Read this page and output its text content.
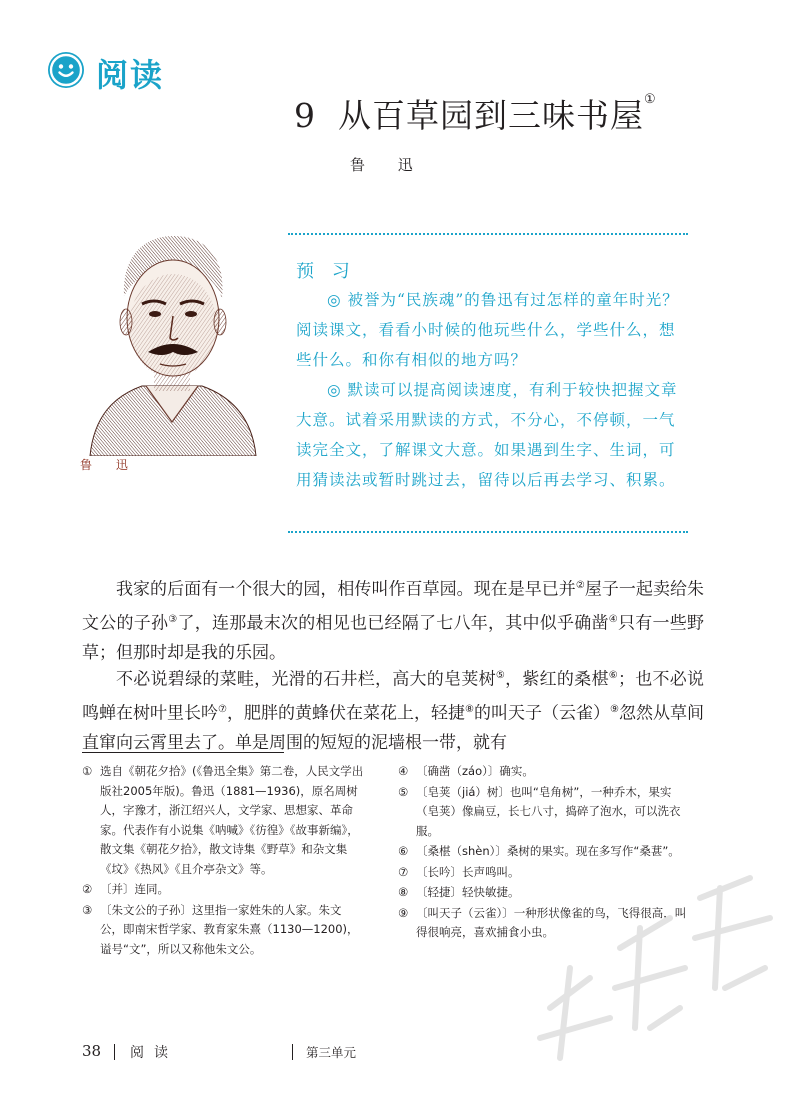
阅读
9 从百草园到三味书屋①
鲁 迅
鲁 迅
预 习
◎ 被誉为“民族魂”的鲁迅有过怎样的童年时光？阅读课文，看看小时候的他玩些什么，学些什么，想些什么。和你有相似的地方吗？
◎ 默读可以提高阅读速度，有利于较快把握文章大意。试着采用默读的方式，不分心，不停顿，一气读完全文，了解课文大意。如果遇到生字、生词，可用猜读法或暂时跳过去，留待以后再去学习、积累。
我家的后面有一个很大的园，相传叫作百草园。现在是早已并②屋子一起卖给朱文公的子孙③了，连那最末次的相见也已经隔了七八年，其中似乎确凿④只有一些野草；但那时却是我的乐园。
不必说碧绿的菜畦，光滑的石井栏，高大的皂荚树⑤，紫红的桑椹⑥；也不必说鸣蝉在树叶里长吟⑦，肥胖的黄蜂伏在菜花上，轻捷⑧的叫天子（云雀）⑨忽然从草间直窜向云霄里去了。单是周围的短短的泥墙根一带，就有
① 选自《朝花夕拾》(《鲁迅全集》第二卷，人民文学出版社2005年版)。鲁迅（1881—1936)，原名周树人，字豫才，浙江绍兴人，文学家、思想家、革命家。代表作有小说集《呐喊》《彷徨》《故事新编》，散文集《朝花夕拾》，散文诗集《野草》和杂文集《坟》《热风》《且介亭杂文》等。
② 〔并〕连同。
③ 〔朱文公的子孙〕这里指一家姓朱的人家。朱文公，即南宋哲学家、教育家朱熹（1130—1200)，谥号“文”，所以又称他朱文公。
④ 〔确凿（záo）〕确实。
⑤ 〔皂荚（jiá）树〕也叫“皂角树”，一种乔木，果实（皂荚）像扁豆，长七八寸，捣碎了泡水，可以洗衣服。
⑥ 〔桑椹（shèn）〕桑树的果实。现在多写作“桑葚”。
⑦ 〔长吟〕长声鸣叫。
⑧ 〔轻捷〕轻快敏捷。
⑨ 〔叫天子（云雀）〕一种形状像雀的鸟，飞得很高，叫得很响亮，喜欢捕食小虫。
38 阅读	第三单元
